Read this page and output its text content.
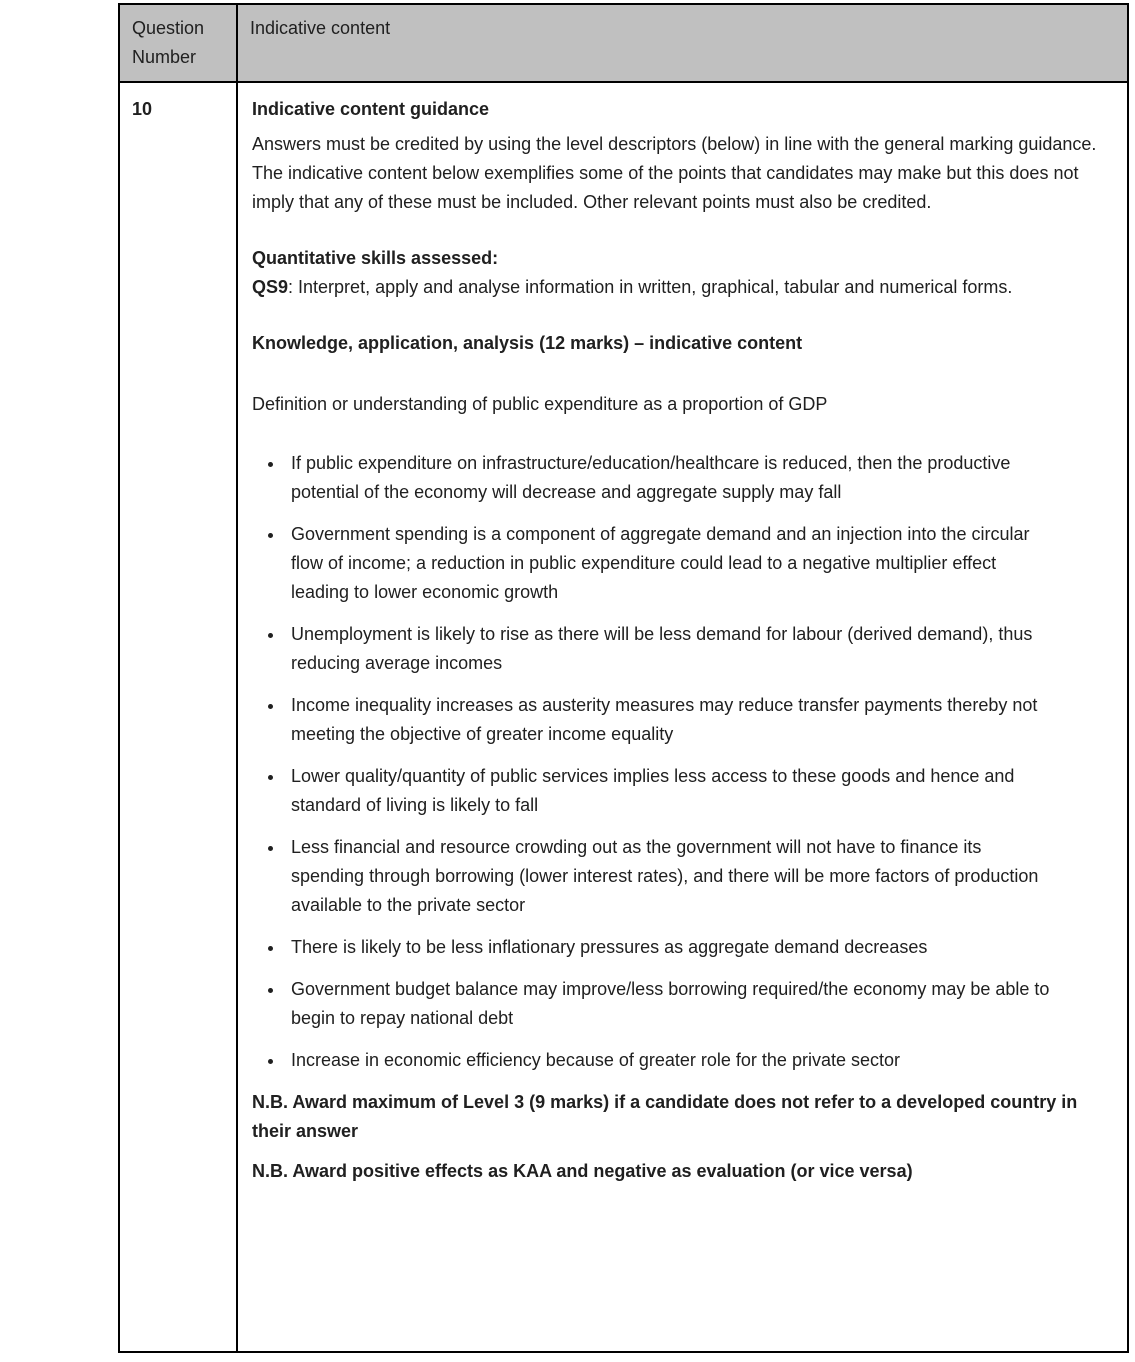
Question Number
Indicative content
10	Indicative content guidance

Answers must be credited by using the level descriptors (below) in line with the general marking guidance. The indicative content below exemplifies some of the points that candidates may make but this does not imply that any of these must be included. Other relevant points must also be credited.

Quantitative skills assessed:
QS9: Interpret, apply and analyse information in written, graphical, tabular and numerical forms.

Knowledge, application, analysis (12 marks) – indicative content

Definition or understanding of public expenditure as a proportion of GDP

• If public expenditure on infrastructure/education/healthcare is reduced, then the productive potential of the economy will decrease and aggregate supply may fall
• Government spending is a component of aggregate demand and an injection into the circular flow of income; a reduction in public expenditure could lead to a negative multiplier effect leading to lower economic growth
• Unemployment is likely to rise as there will be less demand for labour (derived demand), thus reducing average incomes
• Income inequality increases as austerity measures may reduce transfer payments thereby not meeting the objective of greater income equality
• Lower quality/quantity of public services implies less access to these goods and hence and standard of living is likely to fall
• Less financial and resource crowding out as the government will not have to finance its spending through borrowing (lower interest rates), and there will be more factors of production available to the private sector
• There is likely to be less inflationary pressures as aggregate demand decreases
• Government budget balance may improve/less borrowing required/the economy may be able to begin to repay national debt
• Increase in economic efficiency because of greater role for the private sector

N.B. Award maximum of Level 3 (9 marks) if a candidate does not refer to a developed country in their answer

N.B. Award positive effects as KAA and negative as evaluation (or vice versa)
